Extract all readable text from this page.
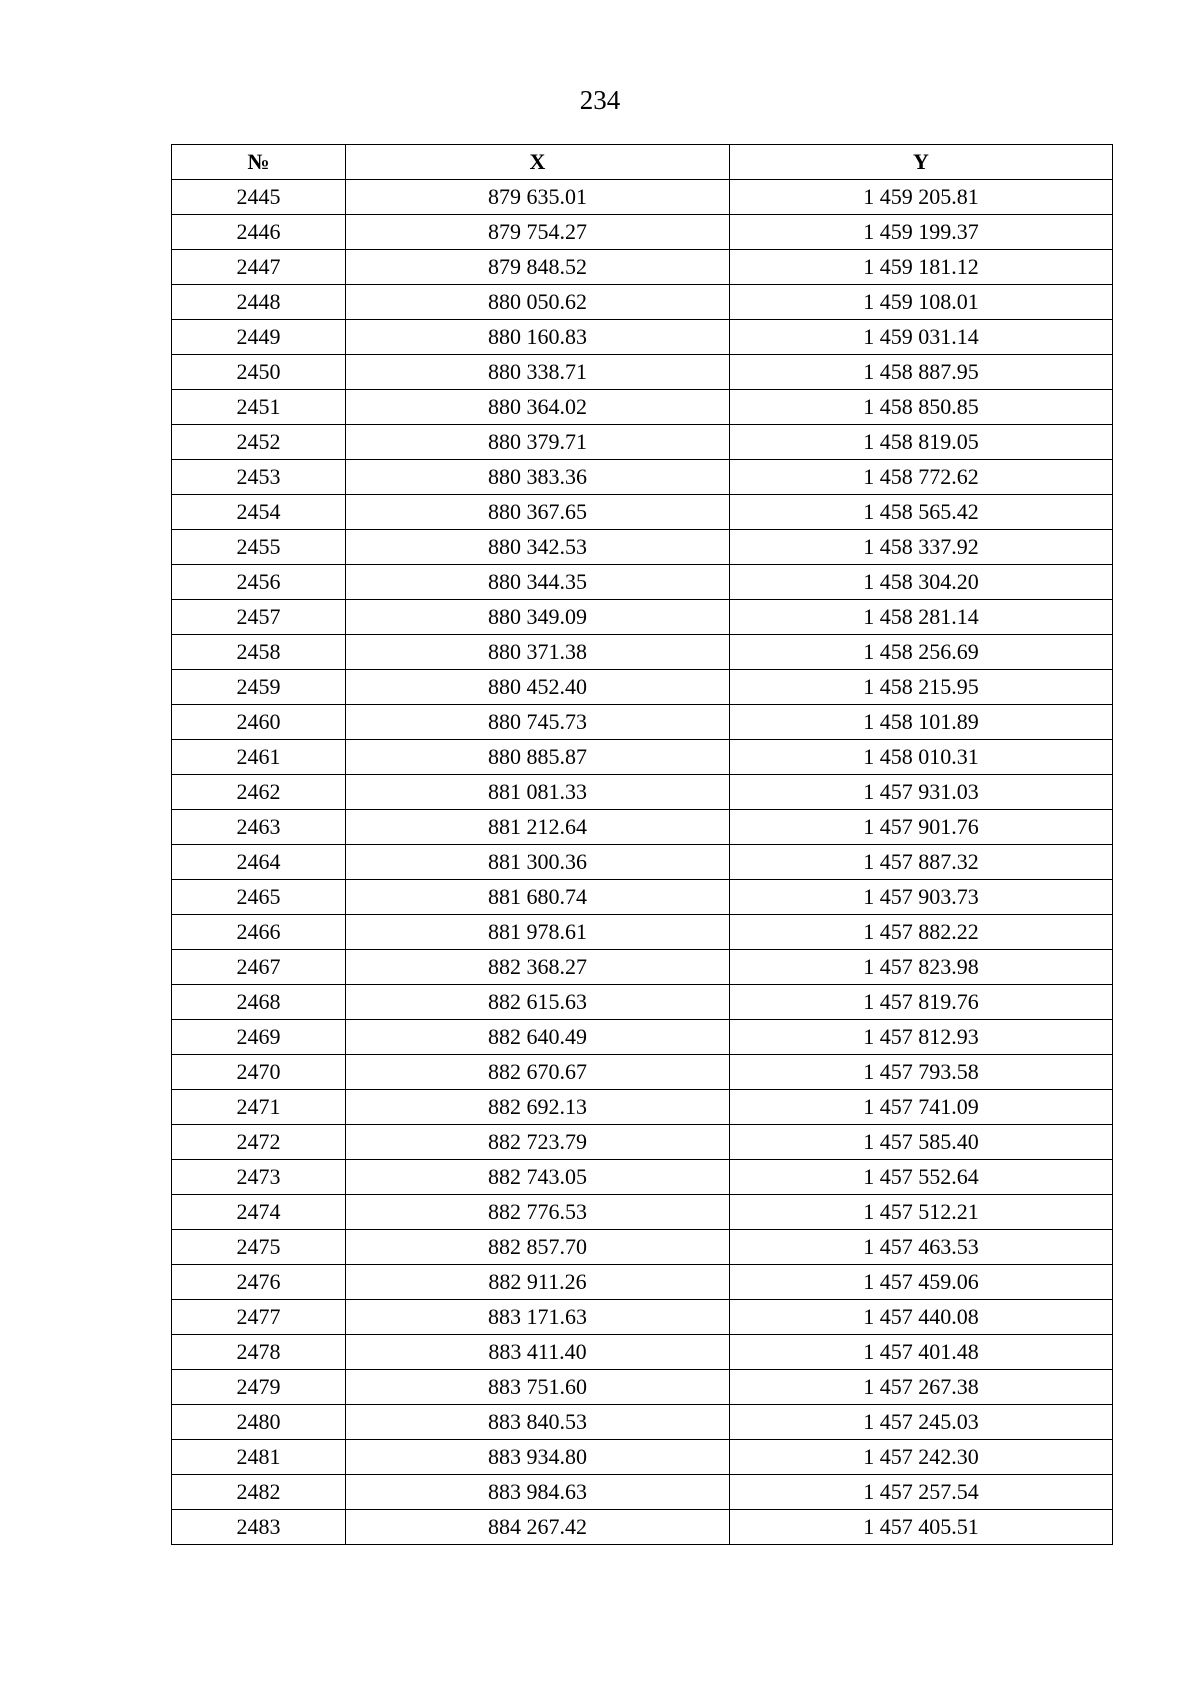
234
№	X	Y
2445	879 635.01	1 459 205.81
2446	879 754.27	1 459 199.37
2447	879 848.52	1 459 181.12
2448	880 050.62	1 459 108.01
2449	880 160.83	1 459 031.14
2450	880 338.71	1 458 887.95
2451	880 364.02	1 458 850.85
2452	880 379.71	1 458 819.05
2453	880 383.36	1 458 772.62
2454	880 367.65	1 458 565.42
2455	880 342.53	1 458 337.92
2456	880 344.35	1 458 304.20
2457	880 349.09	1 458 281.14
2458	880 371.38	1 458 256.69
2459	880 452.40	1 458 215.95
2460	880 745.73	1 458 101.89
2461	880 885.87	1 458 010.31
2462	881 081.33	1 457 931.03
2463	881 212.64	1 457 901.76
2464	881 300.36	1 457 887.32
2465	881 680.74	1 457 903.73
2466	881 978.61	1 457 882.22
2467	882 368.27	1 457 823.98
2468	882 615.63	1 457 819.76
2469	882 640.49	1 457 812.93
2470	882 670.67	1 457 793.58
2471	882 692.13	1 457 741.09
2472	882 723.79	1 457 585.40
2473	882 743.05	1 457 552.64
2474	882 776.53	1 457 512.21
2475	882 857.70	1 457 463.53
2476	882 911.26	1 457 459.06
2477	883 171.63	1 457 440.08
2478	883 411.40	1 457 401.48
2479	883 751.60	1 457 267.38
2480	883 840.53	1 457 245.03
2481	883 934.80	1 457 242.30
2482	883 984.63	1 457 257.54
2483	884 267.42	1 457 405.51
